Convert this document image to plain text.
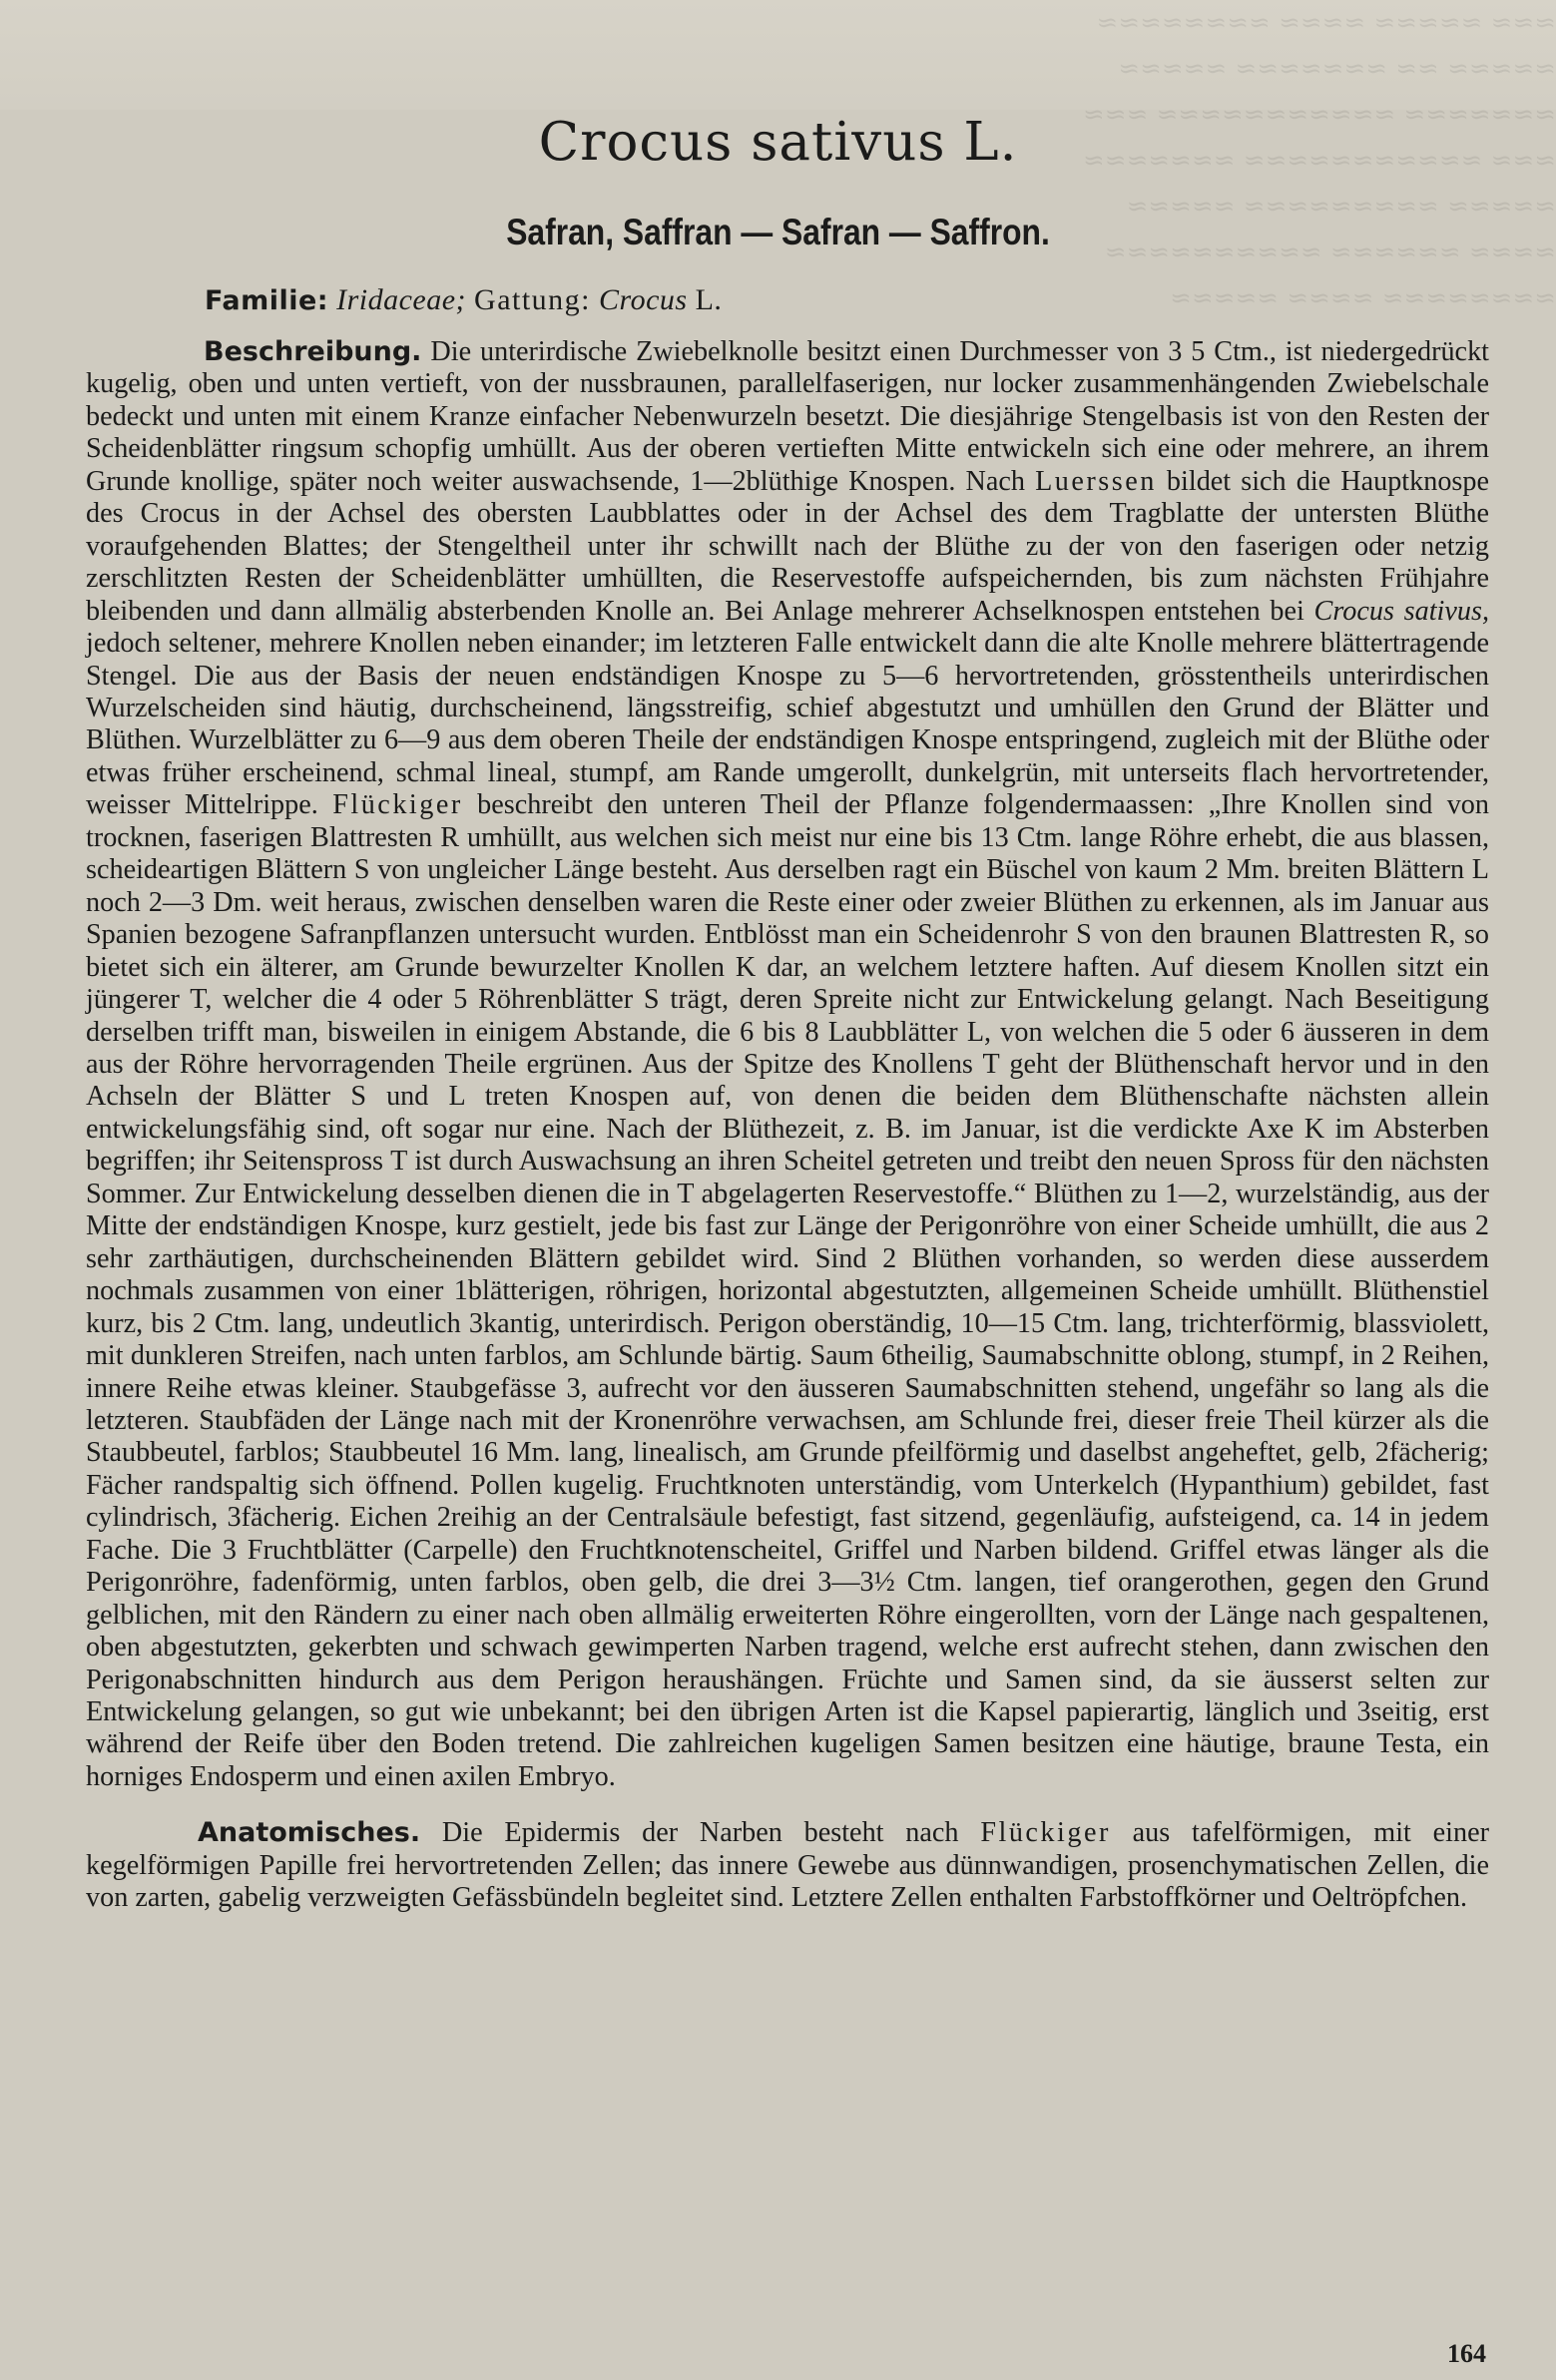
≈≈≈ ≈≈≈≈≈ ≈≈≈≈ ≈≈≈≈≈≈≈≈
≈≈≈≈≈ ≈≈ ≈≈≈≈≈≈≈ ≈≈≈≈≈
≈≈≈≈≈≈≈ ≈≈≈≈≈≈≈≈≈≈≈ ≈≈≈
≈≈≈ ≈≈≈≈≈≈≈≈≈≈≈ ≈≈≈≈≈≈≈
≈≈≈≈≈ ≈≈≈≈≈≈≈≈≈ ≈≈≈≈≈
≈≈≈≈ ≈≈≈≈≈≈ ≈≈≈≈≈≈≈≈≈≈
≈≈≈≈≈≈≈≈ ≈≈≈≈ ≈≈≈≈≈
Crocus sativus L.
Safran, Saffran — Safran — Saffron.
Familie: Iridaceae; Gattung: Crocus L.

Beschreibung. Die unterirdische Zwiebelknolle besitzt einen Durchmesser von 3 5 Ctm., ist niedergedrückt kugelig, oben und unten vertieft, von der nussbraunen, parallelfaserigen, nur locker zusammenhängenden Zwiebelschale bedeckt und unten mit einem Kranze einfacher Nebenwurzeln besetzt. Die diesjährige Stengelbasis ist von den Resten der Scheidenblätter ringsum schopfig umhüllt. Aus der oberen vertieften Mitte entwickeln sich eine oder mehrere, an ihrem Grunde knollige, später noch weiter auswachsende, 1—2blüthige Knospen. Nach Luerssen bildet sich die Hauptknospe des Crocus in der Achsel des obersten Laubblattes oder in der Achsel des dem Tragblatte der untersten Blüthe voraufgehenden Blattes; der Stengeltheil unter ihr schwillt nach der Blüthe zu der von den faserigen oder netzig zerschlitzten Resten der Scheidenblätter umhüllten, die Reservestoffe aufspeichernden, bis zum nächsten Frühjahre bleibenden und dann allmälig absterbenden Knolle an. Bei Anlage mehrerer Achselknospen entstehen bei Crocus sativus, jedoch seltener, mehrere Knollen neben einander; im letzteren Falle entwickelt dann die alte Knolle mehrere blättertragende Stengel. Die aus der Basis der neuen endständigen Knospe zu 5—6 hervortretenden, grösstentheils unterirdischen Wurzelscheiden sind häutig, durchscheinend, längsstreifig, schief abgestutzt und umhüllen den Grund der Blätter und Blüthen. Wurzelblätter zu 6—9 aus dem oberen Theile der endständigen Knospe entspringend, zugleich mit der Blüthe oder etwas früher erscheinend, schmal lineal, stumpf, am Rande umgerollt, dunkelgrün, mit unterseits flach hervortretender, weisser Mittelrippe. Flückiger beschreibt den unteren Theil der Pflanze folgendermaassen: „Ihre Knollen sind von trocknen, faserigen Blattresten R umhüllt, aus welchen sich meist nur eine bis 13 Ctm. lange Röhre erhebt, die aus blassen, scheideartigen Blättern S von ungleicher Länge besteht. Aus derselben ragt ein Büschel von kaum 2 Mm. breiten Blättern L noch 2—3 Dm. weit heraus, zwischen denselben waren die Reste einer oder zweier Blüthen zu erkennen, als im Januar aus Spanien bezogene Safranpflanzen untersucht wurden. Entblösst man ein Scheidenrohr S von den braunen Blattresten R, so bietet sich ein älterer, am Grunde bewurzelter Knollen K dar, an welchem letztere haften. Auf diesem Knollen sitzt ein jüngerer T, welcher die 4 oder 5 Röhrenblätter S trägt, deren Spreite nicht zur Entwickelung gelangt. Nach Beseitigung derselben trifft man, bisweilen in einigem Abstande, die 6 bis 8 Laubblätter L, von welchen die 5 oder 6 äusseren in dem aus der Röhre hervorragenden Theile ergrünen. Aus der Spitze des Knollens T geht der Blüthenschaft hervor und in den Achseln der Blätter S und L treten Knospen auf, von denen die beiden dem Blüthenschafte nächsten allein entwickelungsfähig sind, oft sogar nur eine. Nach der Blüthezeit, z. B. im Januar, ist die verdickte Axe K im Absterben begriffen; ihr Seitenspross T ist durch Auswachsung an ihren Scheitel getreten und treibt den neuen Spross für den nächsten Sommer. Zur Entwickelung desselben dienen die in T abgelagerten Reservestoffe.“ Blüthen zu 1—2, wurzelständig, aus der Mitte der endständigen Knospe, kurz gestielt, jede bis fast zur Länge der Perigonröhre von einer Scheide umhüllt, die aus 2 sehr zarthäutigen, durchscheinenden Blättern gebildet wird. Sind 2 Blüthen vorhanden, so werden diese ausserdem nochmals zusammen von einer 1blätterigen, röhrigen, horizontal abgestutzten, allgemeinen Scheide umhüllt. Blüthenstiel kurz, bis 2 Ctm. lang, undeutlich 3kantig, unterirdisch. Perigon oberständig, 10—15 Ctm. lang, trichterförmig, blassviolett, mit dunkleren Streifen, nach unten farblos, am Schlunde bärtig. Saum 6theilig, Saumabschnitte oblong, stumpf, in 2 Reihen, innere Reihe etwas kleiner. Staubgefässe 3, aufrecht vor den äusseren Saumabschnitten stehend, ungefähr so lang als die letzteren. Staubfäden der Länge nach mit der Kronenröhre verwachsen, am Schlunde frei, dieser freie Theil kürzer als die Staubbeutel, farblos; Staubbeutel 16 Mm. lang, linealisch, am Grunde pfeilförmig und daselbst angeheftet, gelb, 2fächerig; Fächer randspaltig sich öffnend. Pollen kugelig. Fruchtknoten unterständig, vom Unterkelch (Hypanthium) gebildet, fast cylindrisch, 3fächerig. Eichen 2reihig an der Centralsäule befestigt, fast sitzend, gegenläufig, aufsteigend, ca. 14 in jedem Fache. Die 3 Fruchtblätter (Carpelle) den Fruchtknotenscheitel, Griffel und Narben bildend. Griffel etwas länger als die Perigonröhre, fadenförmig, unten farblos, oben gelb, die drei 3—3½ Ctm. langen, tief orangerothen, gegen den Grund gelblichen, mit den Rändern zu einer nach oben allmälig erweiterten Röhre eingerollten, vorn der Länge nach gespaltenen, oben abgestutzten, gekerbten und schwach gewimperten Narben tragend, welche erst aufrecht stehen, dann zwischen den Perigonabschnitten hindurch aus dem Perigon heraushängen. Früchte und Samen sind, da sie äusserst selten zur Entwickelung gelangen, so gut wie unbekannt; bei den übrigen Arten ist die Kapsel papierartig, länglich und 3seitig, erst während der Reife über den Boden tretend. Die zahlreichen kugeligen Samen besitzen eine häutige, braune Testa, ein horniges Endosperm und einen axilen Embryo.

Anatomisches. Die Epidermis der Narben besteht nach Flückiger aus tafelförmigen, mit einer kegelförmigen Papille frei hervortretenden Zellen; das innere Gewebe aus dünnwandigen, prosenchymatischen Zellen, die von zarten, gabelig verzweigten Gefässbündeln begleitet sind. Letztere Zellen enthalten Farbstoffkörner und Oeltröpfchen.

164
